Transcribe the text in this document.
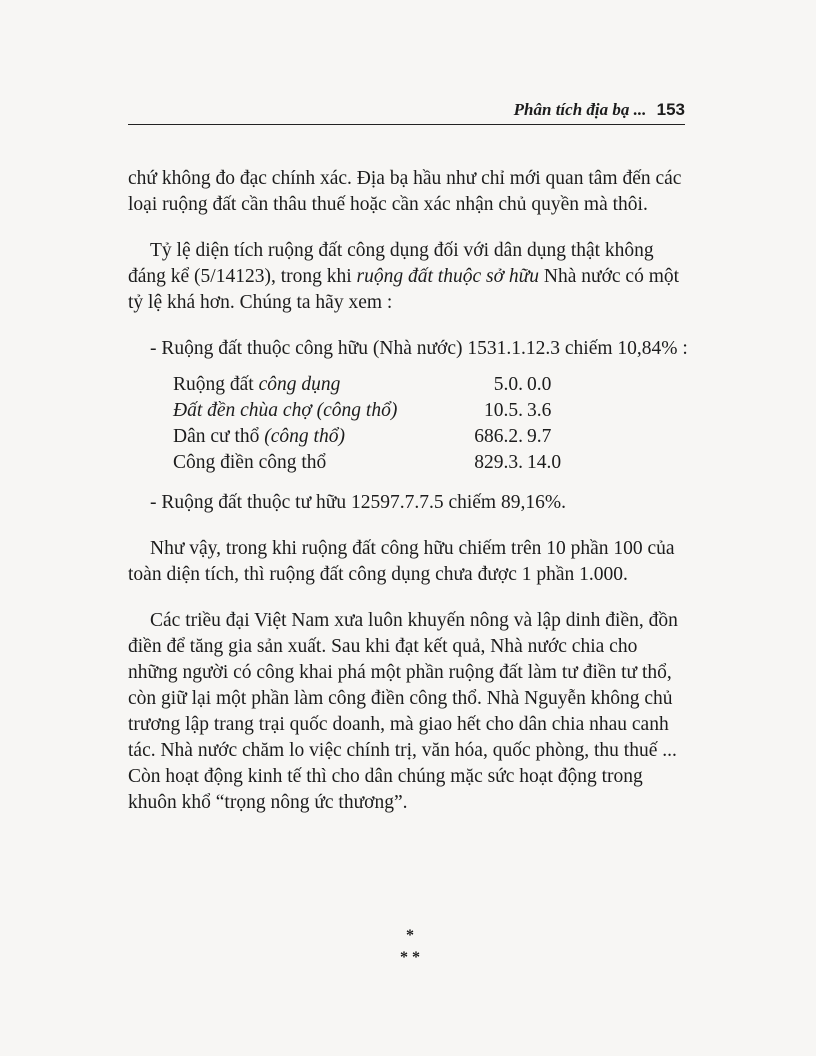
Phân tích địa bạ ... 153

chứ không đo đạc chính xác. Địa bạ hầu như chỉ mới quan tâm đến các loại ruộng đất cần thâu thuế hoặc cần xác nhận chủ quyền mà thôi.

Tỷ lệ diện tích ruộng đất công dụng đối với dân dụng thật không đáng kể (5/14123), trong khi ruộng đất thuộc sở hữu Nhà nước có một tỷ lệ khá hơn. Chúng ta hãy xem :

- Ruộng đất thuộc công hữu (Nhà nước) 1531.1.12.3 chiếm 10,84% :

Ruộng đất công dụng	5.0.	0.0
Đất đền chùa chợ (công thổ)	10.5.	3.6
Dân cư thổ (công thổ)	686.2.	9.7
Công điền công thổ	829.3.	14.0

- Ruộng đất thuộc tư hữu 12597.7.7.5 chiếm 89,16%.

Như vậy, trong khi ruộng đất công hữu chiếm trên 10 phần 100 của toàn diện tích, thì ruộng đất công dụng chưa được 1 phần 1.000.

Các triều đại Việt Nam xưa luôn khuyến nông và lập dinh điền, đồn điền để tăng gia sản xuất. Sau khi đạt kết quả, Nhà nước chia cho những người có công khai phá một phần ruộng đất làm tư điền tư thổ, còn giữ lại một phần làm công điền công thổ. Nhà Nguyễn không chủ trương lập trang trại quốc doanh, mà giao hết cho dân chia nhau canh tác. Nhà nước chăm lo việc chính trị, văn hóa, quốc phòng, thu thuế ... Còn hoạt động kinh tế thì cho dân chúng mặc sức hoạt động trong khuôn khổ “trọng nông ức thương”.

*
* *
